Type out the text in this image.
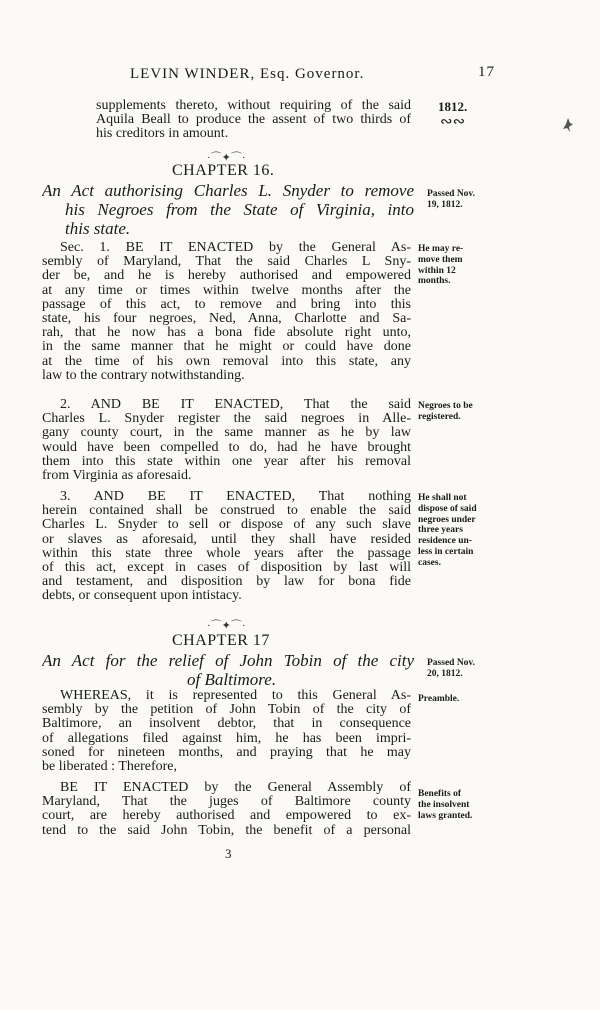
LEVIN WINDER, Esq. Governor.	17
1812.
∾∾
supplements thereto, without requiring of the said
Aquila Beall to produce the assent of two thirds of
his creditors in amount.
·⌒✦⌒·
CHAPTER 16.
An Act authorising Charles L. Snyder to remove
his Negroes from the State of Virginia, into
this state.
Passed Nov.
19, 1812.
Sec. 1. BE IT ENACTED by the General As-
sembly of Maryland, That the said Charles L Sny-
der be, and he is hereby authorised and empowered
at any time or times within twelve months after the
passage of this act, to remove and bring into this
state, his four negroes, Ned, Anna, Charlotte and Sa-
rah, that he now has a bona fide absolute right unto,
in the same manner that he might or could have done
at the time of his own removal into this state, any
law to the contrary notwithstanding.
He may re-
move them
within 12
months.
2. AND BE IT ENACTED, That the said
Charles L. Snyder register the said negroes in Alle-
gany county court, in the same manner as he by law
would have been compelled to do, had he have brought
them into this state within one year after his removal
from Virginia as aforesaid.
Negroes to be
registered.
3. AND BE IT ENACTED, That nothing
herein contained shall be construed to enable the said
Charles L. Snyder to sell or dispose of any such slave
or slaves as aforesaid, until they shall have resided
within this state three whole years after the passage
of this act, except in cases of disposition by last will
and testament, and disposition by law for bona fide
debts, or consequent upon intistacy.
He shall not
dispose of said
negroes under
three years
residence un-
less in certain
cases.
·⌒✦⌒·
CHAPTER 17
An Act for the relief of John Tobin of the city
of Baltimore.
Passed Nov.
20, 1812.
WHEREAS, it is represented to this General As-
sembly by the petition of John Tobin of the city of
Baltimore, an insolvent debtor, that in consequence
of allegations filed against him, he has been impri-
soned for nineteen months, and praying that he may
be liberated : Therefore,
Preamble.
BE IT ENACTED by the General Assembly of
Maryland, That the juges of Baltimore county
court, are hereby authorised and empowered to ex-
tend to the said John Tobin, the benefit of a personal
Benefits of
the insolvent
laws granted.
3
